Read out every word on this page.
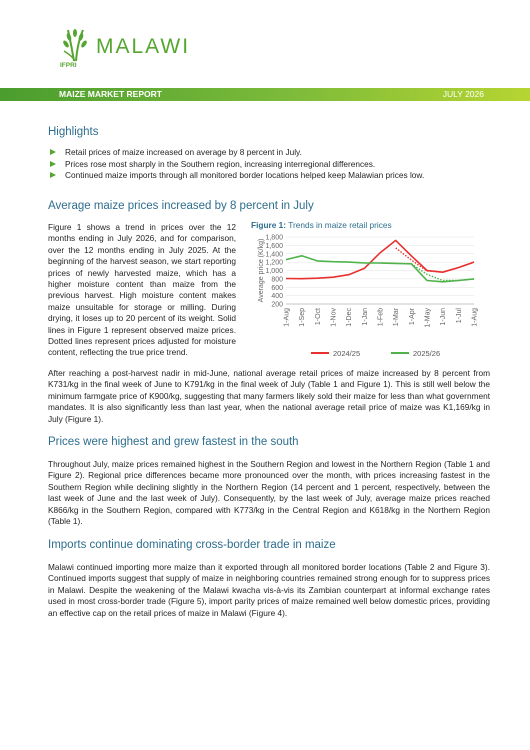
MALAWI
IFPRI
MAIZE MARKET REPORT	JULY 2026
Highlights
Retail prices of maize increased on average by 8 percent in July.
Prices rose most sharply in the Southern region, increasing interregional differences.
Continued maize imports through all monitored border locations helped keep Malawian prices low.
Average maize prices increased by 8 percent in July

Figure 1 shows a trend in prices over the 12 months ending in July 2026, and for comparison, over the 12 months ending in July 2025. At the beginning of the harvest season, we start reporting prices of newly harvested maize, which has a higher moisture content than maize from the previous harvest. High moisture content makes maize unsuitable for storage or milling. During drying, it loses up to 20 percent of its weight. Solid lines in Figure 1 represent observed maize prices. Dotted lines represent prices adjusted for moisture content, reflecting the true price trend.

Figure 1: Trends in maize retail prices
1,800
1,600
1,400
1,200
1,000
800
600
400
200
Average price (K/kg)
1-Aug 1-Sep 1-Oct 1-Nov 1-Dec 1-Jan 1-Feb 1-Mar 1-Apr 1-May 1-Jun 1-Jul 1-Aug
2024/25	2025/26

After reaching a post-harvest nadir in mid-June, national average retail prices of maize increased by 8 percent from K731/kg in the final week of June to K791/kg in the final week of July (Table 1 and Figure 1). This is still well below the minimum farmgate price of K900/kg, suggesting that many farmers likely sold their maize for less than what government mandates. It is also significantly less than last year, when the national average retail price of maize was K1,169/kg in July (Figure 1).

Prices were highest and grew fastest in the south

Throughout July, maize prices remained highest in the Southern Region and lowest in the Northern Region (Table 1 and Figure 2). Regional price differences became more pronounced over the month, with prices increasing fastest in the Southern Region while declining slightly in the Northern Region (14 percent and 1 percent, respectively, between the last week of June and the last week of July). Consequently, by the last week of July, average maize prices reached K866/kg in the Southern Region, compared with K773/kg in the Central Region and K618/kg in the Northern Region (Table 1).

Imports continue dominating cross-border trade in maize

Malawi continued importing more maize than it exported through all monitored border locations (Table 2 and Figure 3). Continued imports suggest that supply of maize in neighboring countries remained strong enough for to suppress prices in Malawi. Despite the weakening of the Malawi kwacha vis-à-vis its Zambian counterpart at informal exchange rates used in most cross-border trade (Figure 5), import parity prices of maize remained well below domestic prices, providing an effective cap on the retail prices of maize in Malawi (Figure 4).
